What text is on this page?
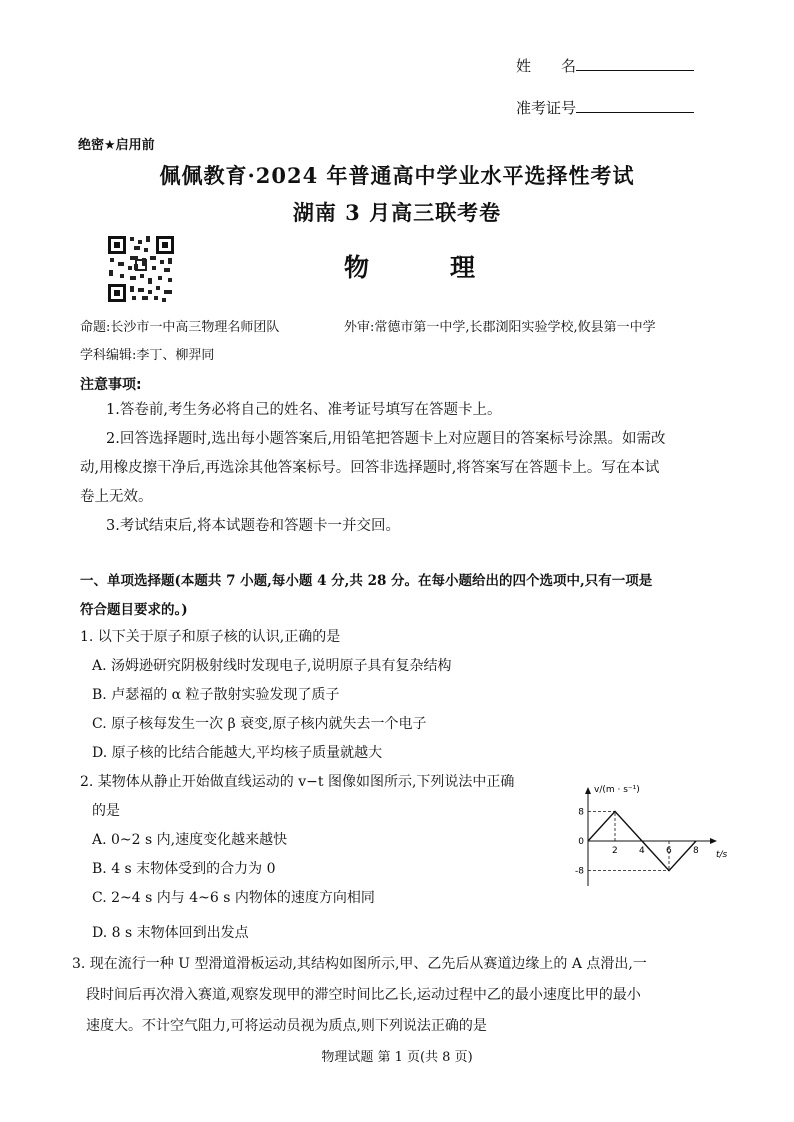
姓　　名
准考证号
绝密★启用前
佩佩教育·2024 年普通高中学业水平选择性考试
湖南 3 月高三联考卷
物　理
命题:长沙市一中高三物理名师团队	外审:常德市第一中学,长郡浏阳实验学校,攸县第一中学
学科编辑:李丁、柳羿同
注意事项:
1.答卷前,考生务必将自己的姓名、准考证号填写在答题卡上。
2.回答选择题时,选出每小题答案后,用铅笔把答题卡上对应题目的答案标号涂黑。如需改
动,用橡皮擦干净后,再选涂其他答案标号。回答非选择题时,将答案写在答题卡上。写在本试
卷上无效。
3.考试结束后,将本试题卷和答题卡一并交回。
一、单项选择题(本题共 7 小题,每小题 4 分,共 28 分。在每小题给出的四个选项中,只有一项是
符合题目要求的。)
1. 以下关于原子和原子核的认识,正确的是
A. 汤姆逊研究阴极射线时发现电子,说明原子具有复杂结构
B. 卢瑟福的 α 粒子散射实验发现了质子
C. 原子核每发生一次 β 衰变,原子核内就失去一个电子
D. 原子核的比结合能越大,平均核子质量就越大
2. 某物体从静止开始做直线运动的 v−t 图像如图所示,下列说法中正确
的是
A. 0~2 s 内,速度变化越来越快
B. 4 s 末物体受到的合力为 0
C. 2~4 s 内与 4~6 s 内物体的速度方向相同
D. 8 s 末物体回到出发点
v/(m · s⁻¹)
t/s
2 4 6 8
8
0
-8
3. 现在流行一种 U 型滑道滑板运动,其结构如图所示,甲、乙先后从赛道边缘上的 A 点滑出,一
段时间后再次滑入赛道,观察发现甲的滞空时间比乙长,运动过程中乙的最小速度比甲的最小
速度大。不计空气阻力,可将运动员视为质点,则下列说法正确的是
物理试题 第 1 页(共 8 页)
